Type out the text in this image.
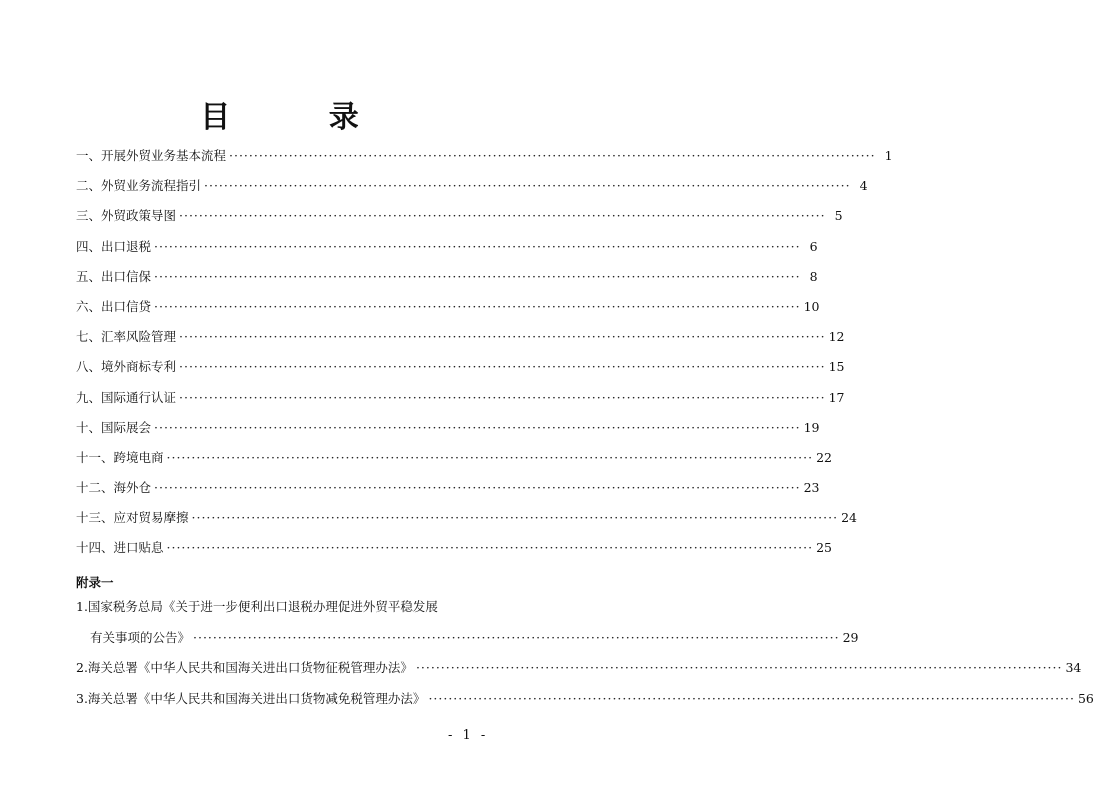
目 录
一、开展外贸业务基本流程 ·····	1
二、外贸业务流程指引 ·····	4
三、外贸政策导图 ·····	5
四、出口退税 ·····	6
五、出口信保 ·····	8
六、出口信贷 ·····	10
七、汇率风险管理 ·····	12
八、境外商标专利 ·····	15
九、国际通行认证 ·····	17
十、国际展会 ·····	19
十一、跨境电商 ·····	22
十二、海外仓 ·····	23
十三、应对贸易摩擦 ·····	24
十四、进口贴息 ·····	25
附录一
1.国家税务总局《关于进一步便利出口退税办理促进外贸平稳发展
有关事项的公告》 ·····	29
2.海关总署《中华人民共和国海关进出口货物征税管理办法》 ·····	34
3.海关总署《中华人民共和国海关进出口货物减免税管理办法》 ·····	56
- 1 -
